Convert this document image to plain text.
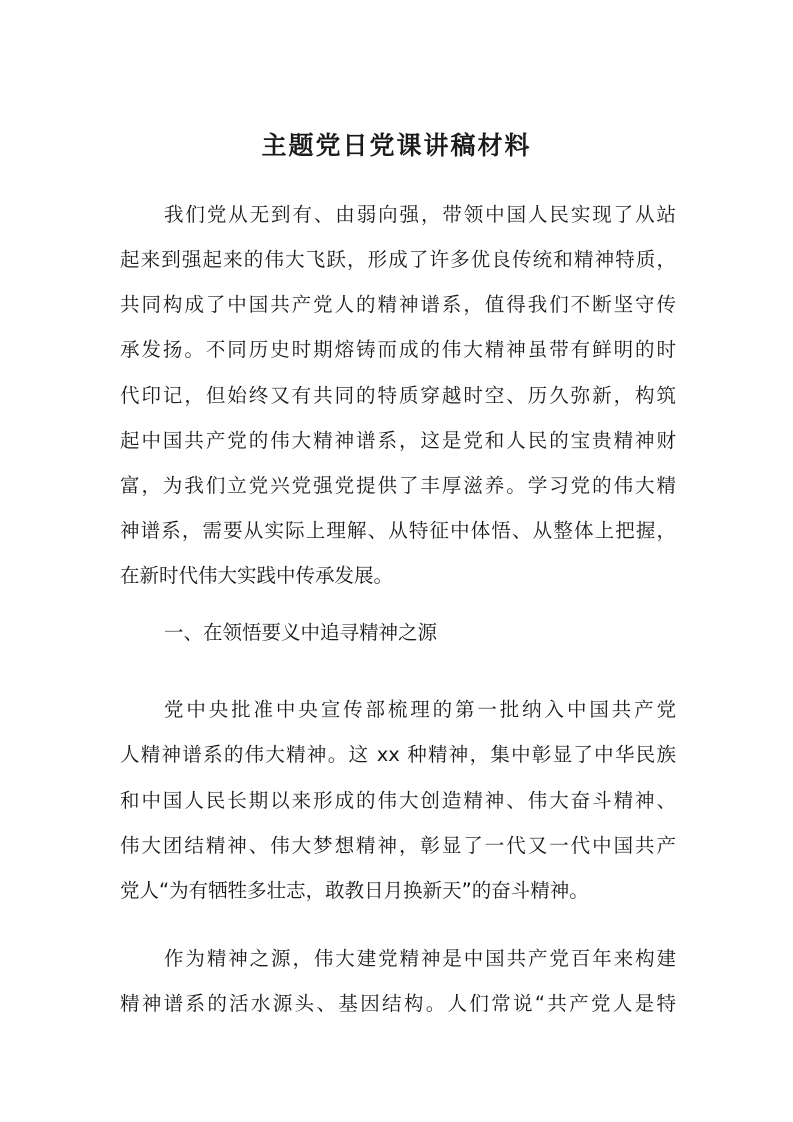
主题党日党课讲稿材料
我们党从无到有、由弱向强，带领中国人民实现了从站
起来到强起来的伟大飞跃，形成了许多优良传统和精神特质，
共同构成了中国共产党人的精神谱系，值得我们不断坚守传
承发扬。不同历史时期熔铸而成的伟大精神虽带有鲜明的时
代印记，但始终又有共同的特质穿越时空、历久弥新，构筑
起中国共产党的伟大精神谱系，这是党和人民的宝贵精神财
富，为我们立党兴党强党提供了丰厚滋养。学习党的伟大精
神谱系，需要从实际上理解、从特征中体悟、从整体上把握，
在新时代伟大实践中传承发展。
一、在领悟要义中追寻精神之源
党中央批准中央宣传部梳理的第一批纳入中国共产党
人精神谱系的伟大精神。这 xx 种精神，集中彰显了中华民族
和中国人民长期以来形成的伟大创造精神、伟大奋斗精神、
伟大团结精神、伟大梦想精神，彰显了一代又一代中国共产
党人“为有牺牲多壮志，敢教日月换新天”的奋斗精神。
作为精神之源，伟大建党精神是中国共产党百年来构建
精神谱系的活水源头、基因结构。人们常说“共产党人是特
